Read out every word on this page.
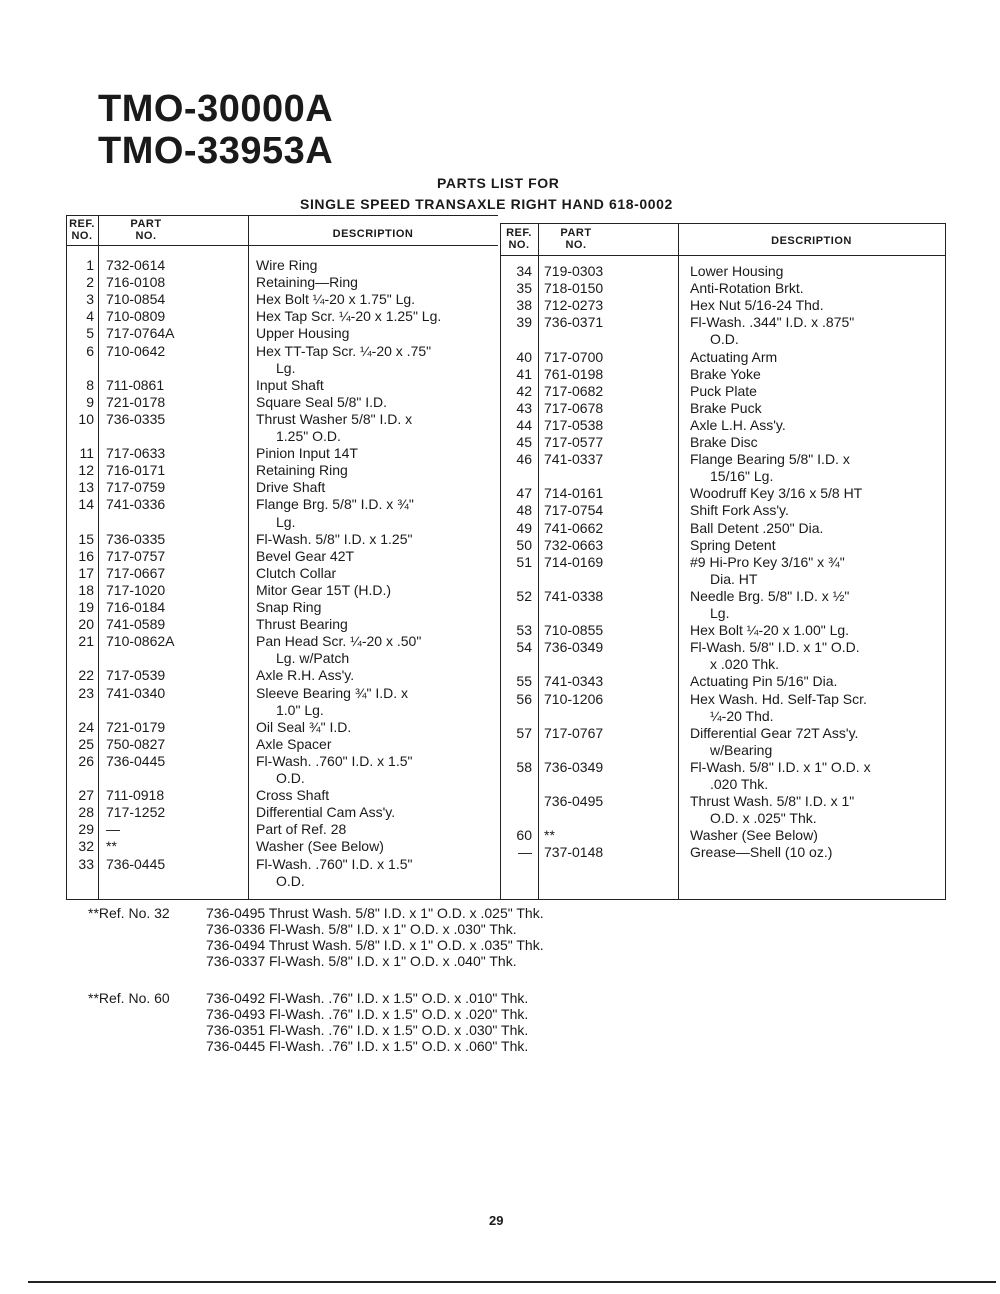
TMO-30000A
TMO-33953A
PARTS LIST FOR
SINGLE SPEED TRANSAXLE RIGHT HAND 618-0002
REF.
NO.
PART
NO.	DESCRIPTION	REF.
NO.
PART
NO.	DESCRIPTION
1 732-0614	Wire Ring
2 716-0108	Retaining—Ring
3 710-0854	Hex Bolt ¼-20 x 1.75" Lg.
4 710-0809	Hex Tap Scr. ¼-20 x 1.25" Lg.
5 717-0764A	Upper Housing
6 710-0642	Hex TT-Tap Scr. ¼-20 x .75"
Lg.
8 711-0861	Input Shaft
9 721-0178	Square Seal 5/8" I.D.
10 736-0335	Thrust Washer 5/8" I.D. x
1.25" O.D.
11 717-0633	Pinion Input 14T
12 716-0171	Retaining Ring
13 717-0759	Drive Shaft
14 741-0336	Flange Brg. 5/8" I.D. x ¾"
Lg.
15 736-0335	Fl-Wash. 5/8" I.D. x 1.25"
16 717-0757	Bevel Gear 42T
17 717-0667	Clutch Collar
18 717-1020	Mitor Gear 15T (H.D.)
19 716-0184	Snap Ring
20 741-0589	Thrust Bearing
21 710-0862A	Pan Head Scr. ¼-20 x .50"
Lg. w/Patch
22 717-0539	Axle R.H. Ass'y.
23 741-0340	Sleeve Bearing ¾" I.D. x
1.0" Lg.
24 721-0179	Oil Seal ¾" I.D.
25 750-0827	Axle Spacer
26 736-0445	Fl-Wash. .760" I.D. x 1.5"
O.D.
27 711-0918	Cross Shaft
28 717-1252	Differential Cam Ass'y.
29 —	Part of Ref. 28
32 **	Washer (See Below)
33 736-0445	Fl-Wash. .760" I.D. x 1.5"
O.D.
34 719-0303	Lower Housing
35 718-0150	Anti-Rotation Brkt.
38 712-0273	Hex Nut 5/16-24 Thd.
39 736-0371	Fl-Wash. .344" I.D. x .875"
O.D.
40 717-0700	Actuating Arm
41 761-0198	Brake Yoke
42 717-0682	Puck Plate
43 717-0678	Brake Puck
44 717-0538	Axle L.H. Ass'y.
45 717-0577	Brake Disc
46 741-0337	Flange Bearing 5/8" I.D. x
15/16" Lg.
47 714-0161	Woodruff Key 3/16 x 5/8 HT
48 717-0754	Shift Fork Ass'y.
49 741-0662	Ball Detent .250" Dia.
50 732-0663	Spring Detent
51 714-0169	#9 Hi-Pro Key 3/16" x ¾"
Dia. HT
52 741-0338	Needle Brg. 5/8" I.D. x ½"
Lg.
53 710-0855	Hex Bolt ¼-20 x 1.00" Lg.
54 736-0349	Fl-Wash. 5/8" I.D. x 1" O.D.
x .020 Thk.
55 741-0343	Actuating Pin 5/16" Dia.
56 710-1206	Hex Wash. Hd. Self-Tap Scr.
¼-20 Thd.
57 717-0767	Differential Gear 72T Ass'y.
w/Bearing
58 736-0349	Fl-Wash. 5/8" I.D. x 1" O.D. x
.020 Thk.
736-0495	Thrust Wash. 5/8" I.D. x 1"
O.D. x .025" Thk.
60 **	Washer (See Below)
— 737-0148	Grease—Shell (10 oz.)
**Ref. No. 32	736-0495 Thrust Wash. 5/8" I.D. x 1" O.D. x .025" Thk.
736-0336 Fl-Wash. 5/8" I.D. x 1" O.D. x .030" Thk.
736-0494 Thrust Wash. 5/8" I.D. x 1" O.D. x .035" Thk.
736-0337 Fl-Wash. 5/8" I.D. x 1" O.D. x .040" Thk.
**Ref. No. 60	736-0492 Fl-Wash. .76" I.D. x 1.5" O.D. x .010" Thk.
736-0493 Fl-Wash. .76" I.D. x 1.5" O.D. x .020" Thk.
736-0351 Fl-Wash. .76" I.D. x 1.5" O.D. x .030" Thk.
736-0445 Fl-Wash. .76" I.D. x 1.5" O.D. x .060" Thk.
29
